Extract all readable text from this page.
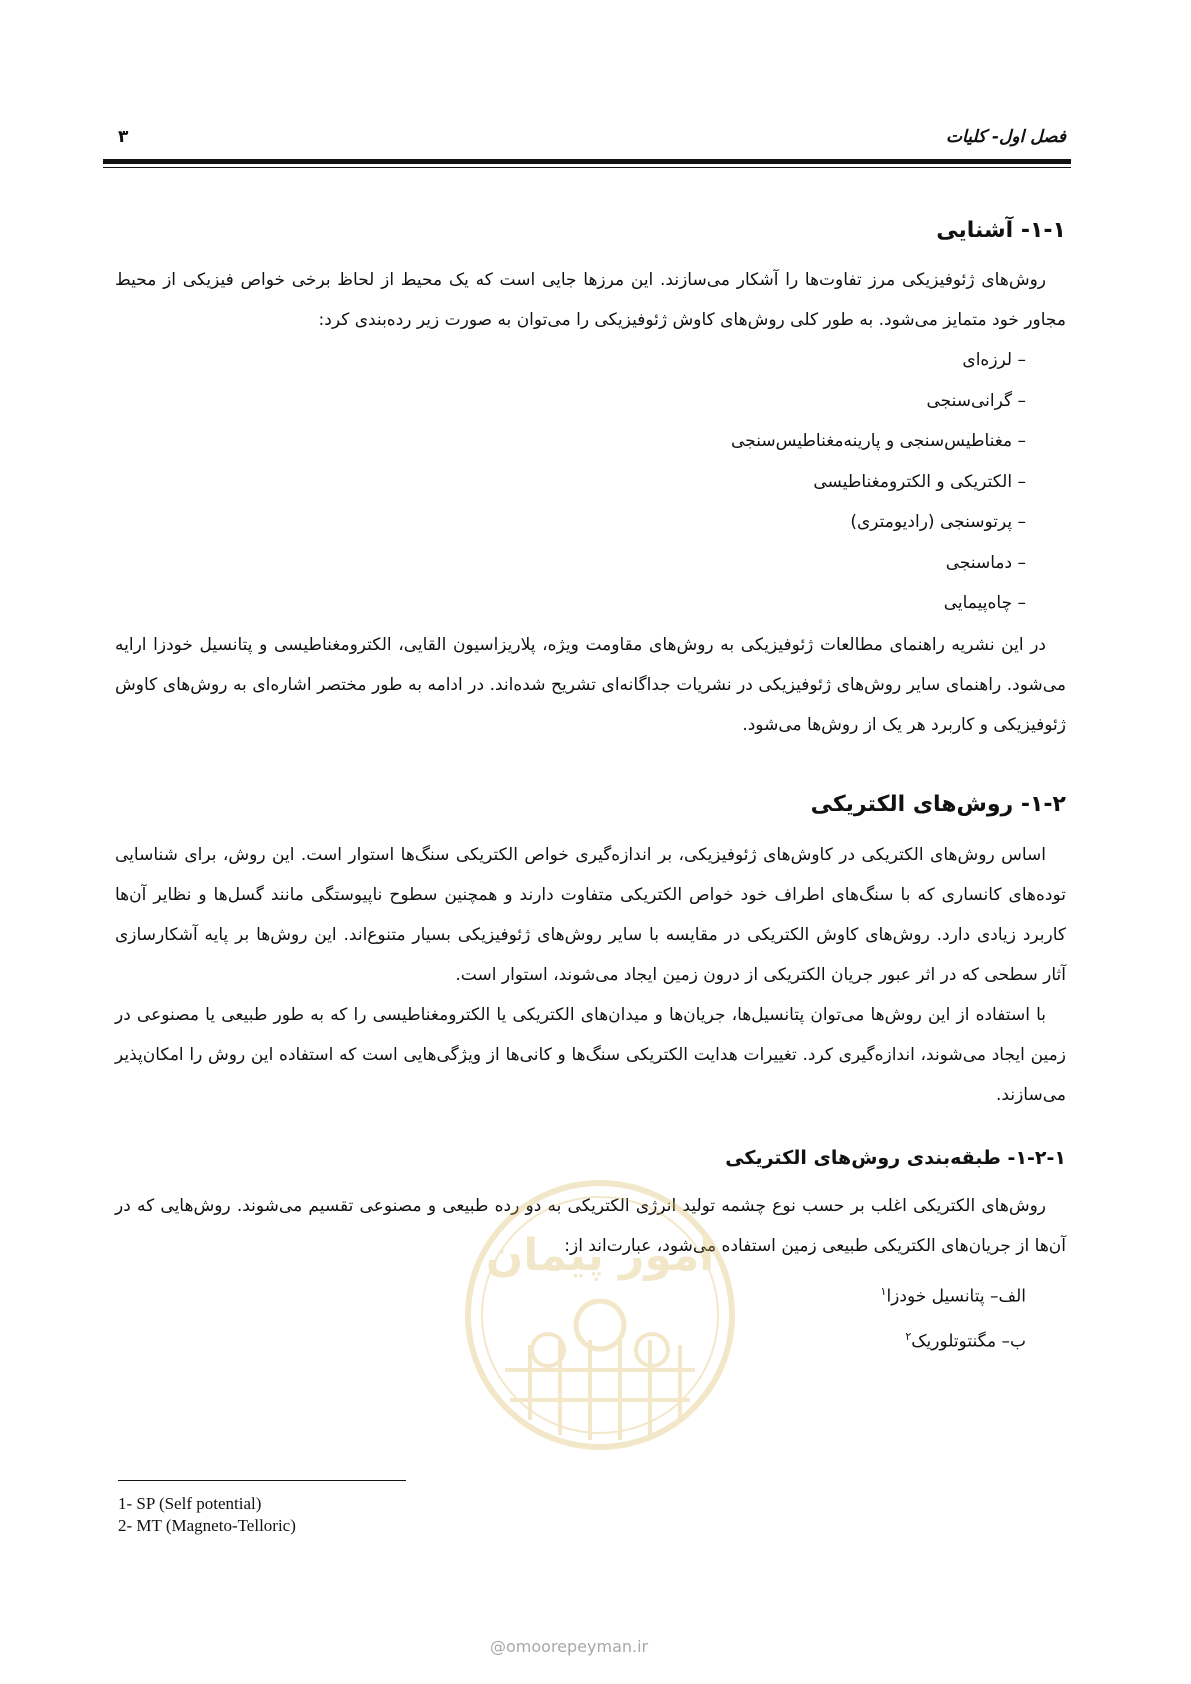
فصل اول- کلیات
۳
۱-۱- آشنایی
روش‌های ژئوفیزیکی مرز تفاوت‌ها را آشکار می‌سازند. این مرزها جایی است که یک محیط از لحاظ برخی خواص فیزیکی از محیط مجاور خود متمایز می‌شود. به طور کلی روش‌های کاوش ژئوفیزیکی را می‌توان به صورت زیر رده‌بندی کرد:
– لرزه‌ای
– گرانی‌سنجی
– مغناطیس‌سنجی و پارینه‌مغناطیس‌سنجی
– الکتریکی و الکترومغناطیسی
– پرتوسنجی (رادیومتری)
– دماسنجی
– چاه‌پیمایی
در این نشریه راهنمای مطالعات ژئوفیزیکی به روش‌های مقاومت ویژه، پلاریزاسیون القایی، الکترومغناطیسی و پتانسیل خودزا ارایه می‌شود. راهنمای سایر روش‌های ژئوفیزیکی در نشریات جداگانه‌ای تشریح شده‌اند. در ادامه به طور مختصر اشاره‌ای به روش‌های کاوش ژئوفیزیکی و کاربرد هر یک از روش‌ها می‌شود.
۱-۲- روش‌های الکتریکی
اساس روش‌های الکتریکی در کاوش‌های ژئوفیزیکی، بر اندازه‌گیری خواص الکتریکی سنگ‌ها استوار است. این روش، برای شناسایی توده‌های کانساری که با سنگ‌های اطراف خود خواص الکتریکی متفاوت دارند و همچنین سطوح ناپیوستگی مانند گسل‌ها و نظایر آن‌ها کاربرد زیادی دارد. روش‌های کاوش الکتریکی در مقایسه با سایر روش‌های ژئوفیزیکی بسیار متنوع‌اند. این روش‌ها بر پایه آشکارسازی آثار سطحی که در اثر عبور جریان الکتریکی از درون زمین ایجاد می‌شوند، استوار است.
با استفاده از این روش‌ها می‌توان پتانسیل‌ها، جریان‌ها و میدان‌های الکتریکی یا الکترومغناطیسی را که به طور طبیعی یا مصنوعی در زمین ایجاد می‌شوند، اندازه‌گیری کرد. تغییرات هدایت الکتریکی سنگ‌ها و کانی‌ها از ویژگی‌هایی است که استفاده این روش را امکان‌پذیر می‌سازند.
۱-۲-۱- طبقه‌بندی روش‌های الکتریکی
روش‌های الکتریکی اغلب بر حسب نوع چشمه تولید انرژی الکتریکی به دو رده طبیعی و مصنوعی تقسیم می‌شوند. روش‌هایی که در آن‌ها از جریان‌های الکتریکی طبیعی زمین استفاده می‌شود، عبارت‌اند از:
الف– پتانسیل خودزا$^۱$
ب– مگنتوتلوریک$^۲$
1- SP (Self potential)
2- MT (Magneto-Telloric)
امور پیمان
@omoorepeyman.ir
